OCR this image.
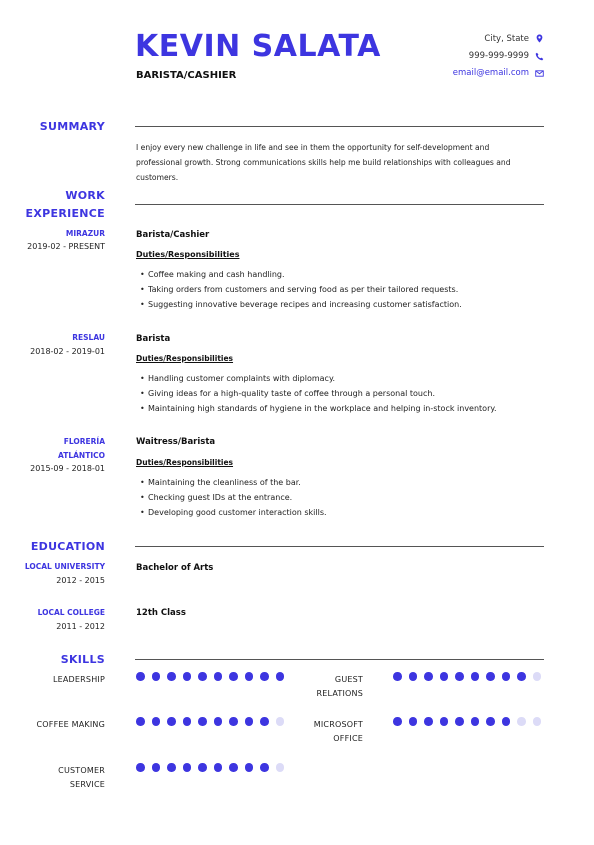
KEVIN SALATA
BARISTA/CASHIER
City, State
999-999-9999
email@email.com
SUMMARY
I enjoy every new challenge in life and see in them the opportunity for self-development and professional growth. Strong communications skills help me build relationships with colleagues and customers.
WORK
EXPERIENCE
MIRAZUR
2019-02 - PRESENT
Barista/Cashier
Duties/Responsibilities
• Coffee making and cash handling.
• Taking orders from customers and serving food as per their tailored requests.
• Suggesting innovative beverage recipes and increasing customer satisfaction.
RESLAU
2018-02 - 2019-01
Barista
Duties/Responsibilities
• Handling customer complaints with diplomacy.
• Giving ideas for a high-quality taste of coffee through a personal touch.
• Maintaining high standards of hygiene in the workplace and helping in-stock inventory.
FLORERÍA
ATLÁNTICO
2015-09 - 2018-01
Waitress/Barista
Duties/Responsibilities
• Maintaining the cleanliness of the bar.
• Checking guest IDs at the entrance.
• Developing good customer interaction skills.
EDUCATION
LOCAL UNIVERSITY
2012 - 2015
Bachelor of Arts
LOCAL COLLEGE
2011 - 2012
12th Class
SKILLS
LEADERSHIP	GUEST
RELATIONS
COFFEE MAKING	MICROSOFT
OFFICE
CUSTOMER
SERVICE
